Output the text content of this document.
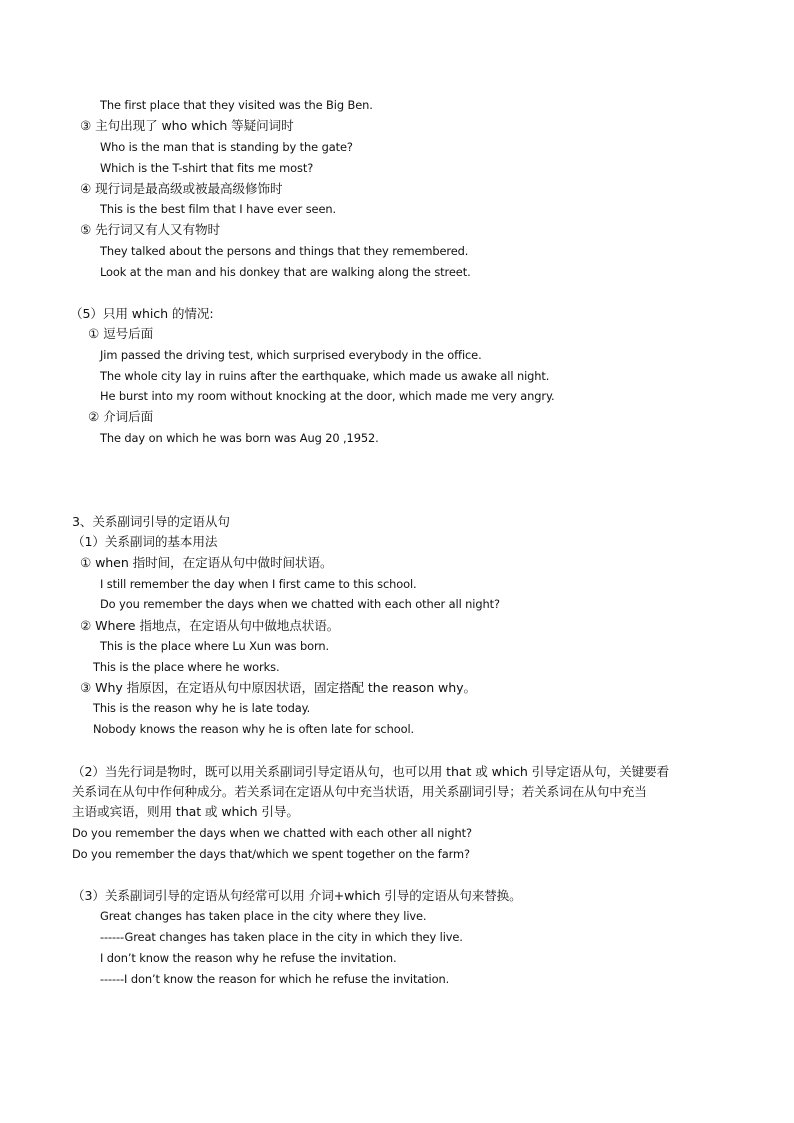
The first place that they visited was the Big Ben.
③ 主句出现了 who which 等疑问词时
Who is the man that is standing by the gate?
Which is the T-shirt that fits me most?
④ 现行词是最高级或被最高级修饰时
This is the best film that I have ever seen.
⑤ 先行词又有人又有物时
They talked about the persons and things that they remembered.
Look at the man and his donkey that are walking along the street.
（5）只用 which 的情况:
① 逗号后面
Jim passed the driving test, which surprised everybody in the office.
The whole city lay in ruins after the earthquake, which made us awake all night.
He burst into my room without knocking at the door, which made me very angry.
② 介词后面
The day on which he was born was Aug 20 ,1952.
3、关系副词引导的定语从句
（1）关系副词的基本用法
① when 指时间，在定语从句中做时间状语。
I still remember the day when I first came to this school.
Do you remember the days when we chatted with each other all night?
② Where 指地点，在定语从句中做地点状语。
This is the place where Lu Xun was born.
This is the place where he works.
③ Why 指原因，在定语从句中原因状语，固定搭配 the reason why。
This is the reason why he is late today.
Nobody knows the reason why he is often late for school.
（2）当先行词是物时，既可以用关系副词引导定语从句，也可以用 that 或 which 引导定语从句，关键要看
关系词在从句中作何种成分。若关系词在定语从句中充当状语，用关系副词引导；若关系词在从句中充当
主语或宾语，则用 that 或 which 引导。
Do you remember the days when we chatted with each other all night?
Do you remember the days that/which we spent together on the farm?
（3）关系副词引导的定语从句经常可以用 介词+which 引导的定语从句来替换。
Great changes has taken place in the city where they live.
------Great changes has taken place in the city in which they live.
I don’t know the reason why he refuse the invitation.
------I don’t know the reason for which he refuse the invitation.
